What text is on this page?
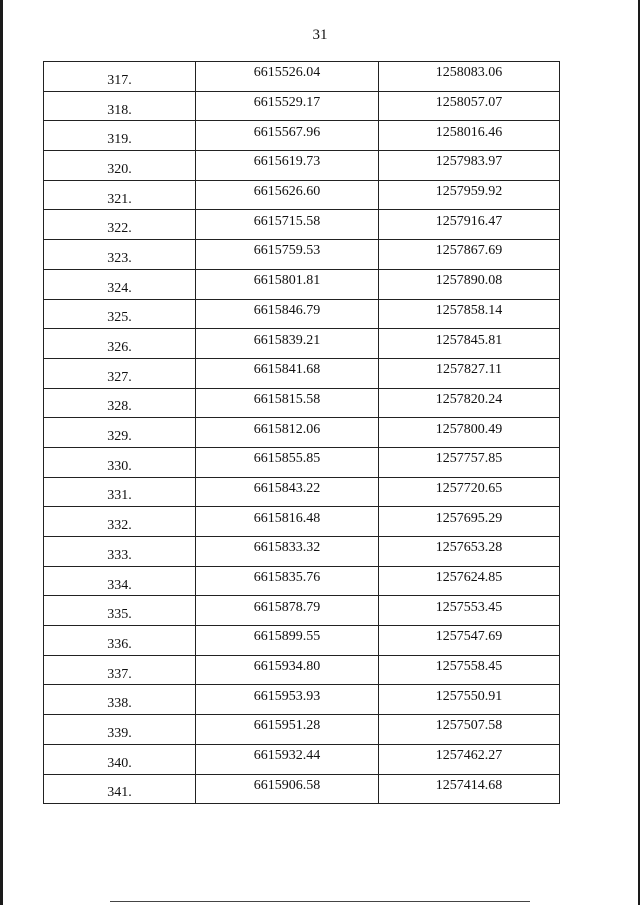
31
317.	6615526.04	1258083.06
318.	6615529.17	1258057.07
319.	6615567.96	1258016.46
320.	6615619.73	1257983.97
321.	6615626.60	1257959.92
322.	6615715.58	1257916.47
323.	6615759.53	1257867.69
324.	6615801.81	1257890.08
325.	6615846.79	1257858.14
326.	6615839.21	1257845.81
327.	6615841.68	1257827.11
328.	6615815.58	1257820.24
329.	6615812.06	1257800.49
330.	6615855.85	1257757.85
331.	6615843.22	1257720.65
332.	6615816.48	1257695.29
333.	6615833.32	1257653.28
334.	6615835.76	1257624.85
335.	6615878.79	1257553.45
336.	6615899.55	1257547.69
337.	6615934.80	1257558.45
338.	6615953.93	1257550.91
339.	6615951.28	1257507.58
340.	6615932.44	1257462.27
341.	6615906.58	1257414.68
